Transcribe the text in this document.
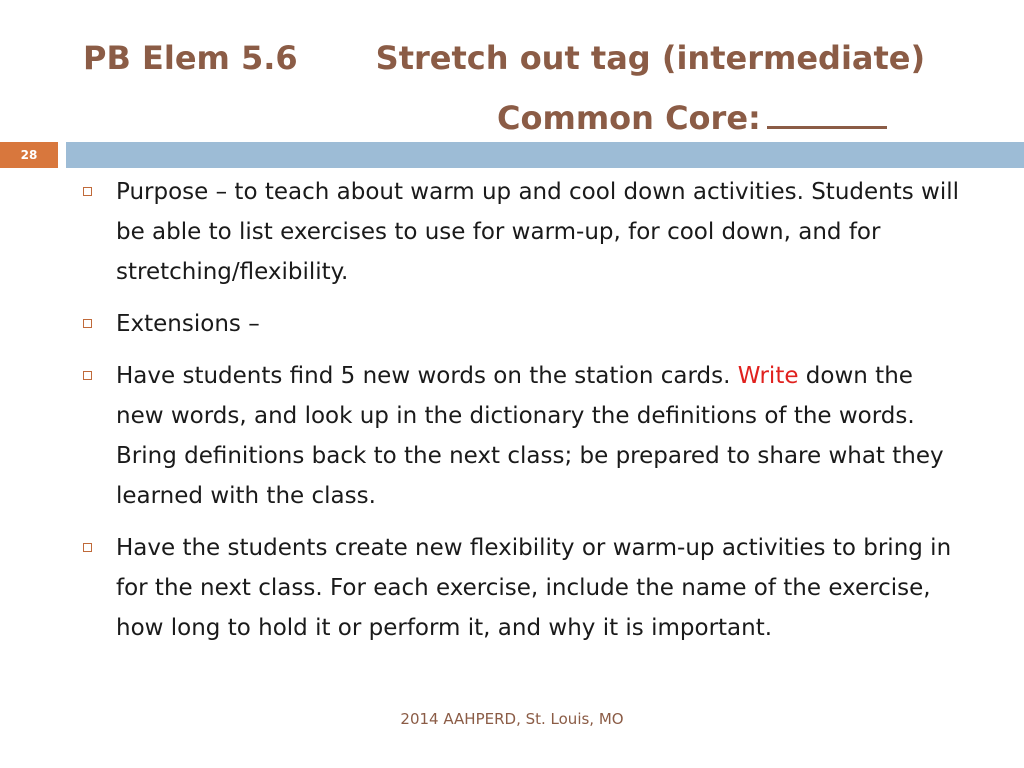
PB Elem 5.6       Stretch out tag (intermediate)
Common Core:
28
Purpose – to teach about warm up and cool down activities. Students will be able to list exercises to use for warm-up, for cool down, and for stretching/flexibility.
Extensions –
Have students find 5 new words on the station cards. Write down the new words, and look up in the dictionary the definitions of the words. Bring definitions back to the next class; be prepared to share what they learned with the class.
Have the students create new flexibility or warm-up activities to bring in for the next class. For each exercise, include the name of the exercise, how long to hold it or perform it, and why it is important.
2014 AAHPERD, St. Louis, MO
